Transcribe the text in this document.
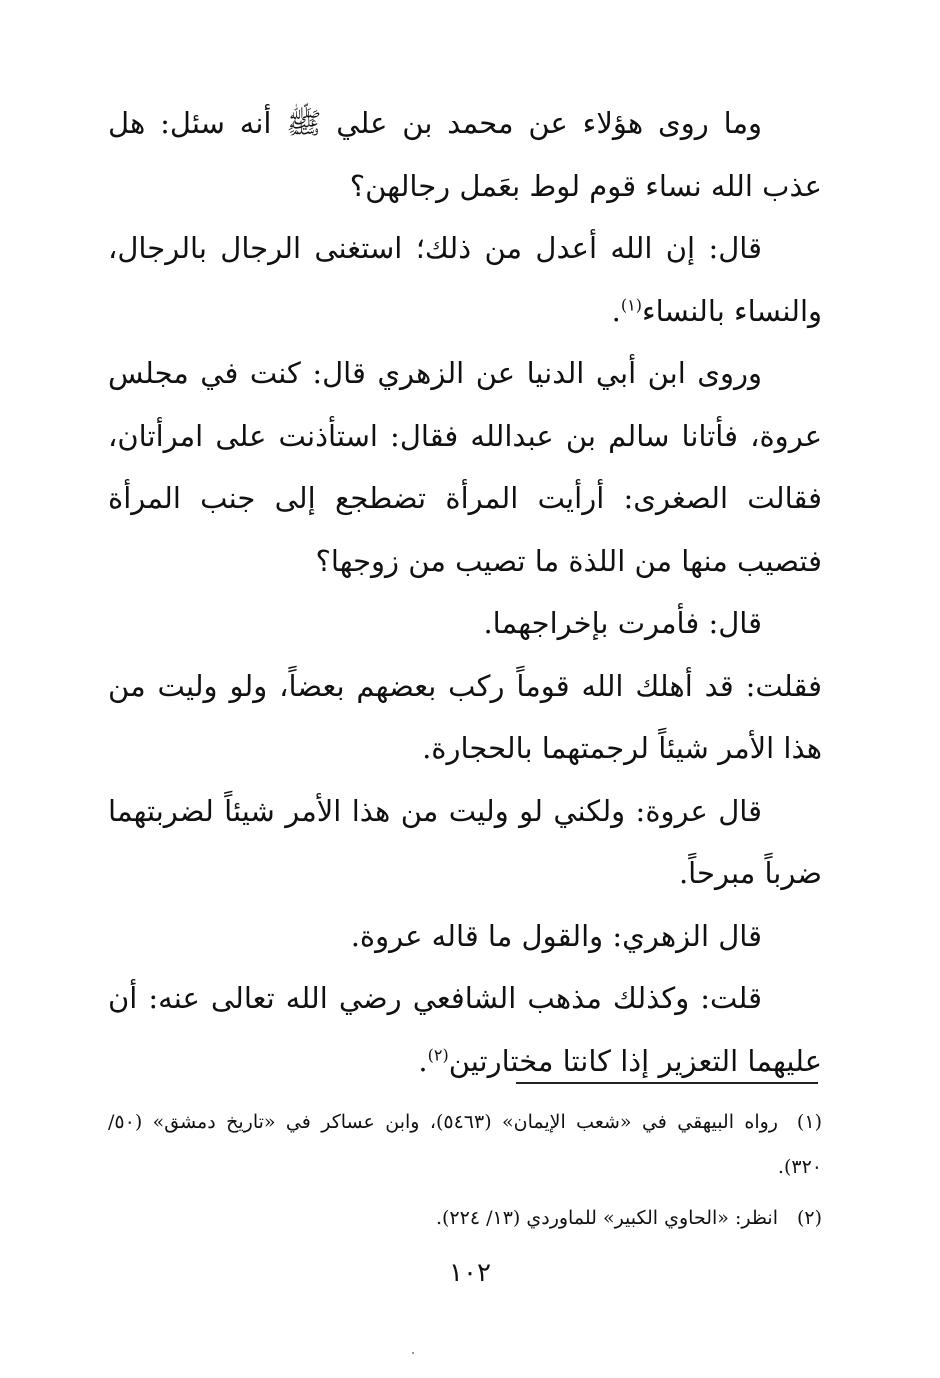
وما روى هؤلاء عن محمد بن علي ﷺ أنه سئل: هل عذب الله نساء قوم لوط بعَمل رجالهن؟

قال: إن الله أعدل من ذلك؛ استغنى الرجال بالرجال، والنساء بالنساء$^{(١)}$.

وروى ابن أبي الدنيا عن الزهري قال: كنت في مجلس عروة، فأتانا سالم بن عبدالله فقال: استأذنت على امرأتان، فقالت الصغرى: أرأيت المرأة تضطجع إلى جنب المرأة فتصيب منها من اللذة ما تصيب من زوجها؟

قال: فأمرت بإخراجهما.

فقلت: قد أهلك الله قوماً ركب بعضهم بعضاً، ولو وليت من هذا الأمر شيئاً لرجمتهما بالحجارة.

قال عروة: ولكني لو وليت من هذا الأمر شيئاً لضربتهما ضرباً مبرحاً.

قال الزهري: والقول ما قاله عروة.

قلت: وكذلك مذهب الشافعي رضي الله تعالى عنه: أن عليهما التعزير إذا كانتا مختارتين$^{(٢)}$.

(١)رواه البيهقي في «شعب الإيمان» (٥٤٦٣)، وابن عساكر في «تاريخ دمشق» (٥٠/ ٣٢٠).

(٢)انظر: «الحاوي الكبير» للماوردي (١٣/ ٢٢٤).

١٠٢
